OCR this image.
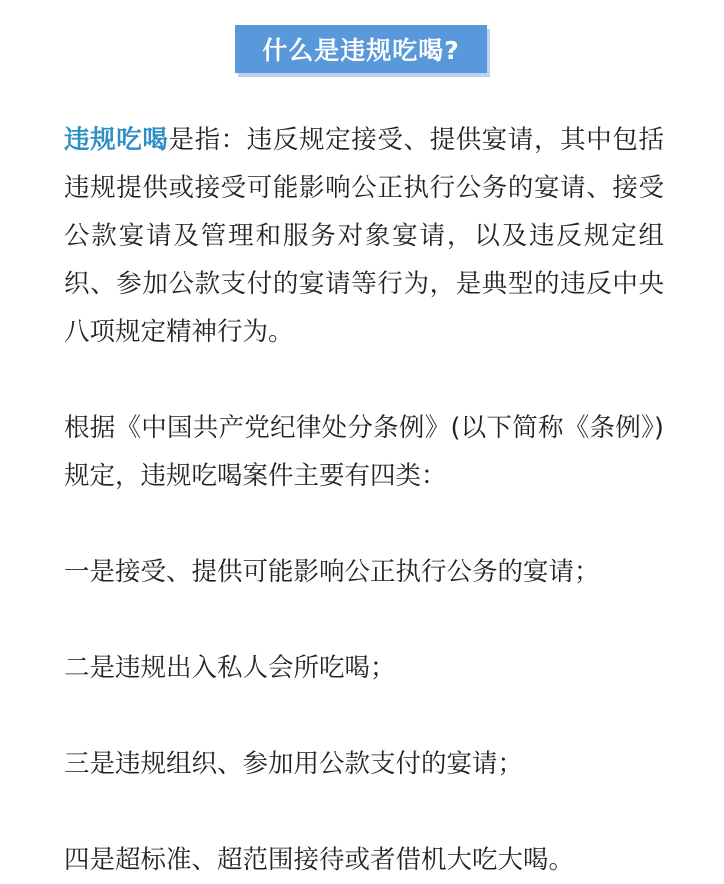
什么是违规吃喝?

违规吃喝是指：违反规定接受、提供宴请，其中包括违规提供或接受可能影响公正执行公务的宴请、接受公款宴请及管理和服务对象宴请，以及违反规定组织、参加公款支付的宴请等行为，是典型的违反中央八项规定精神行为。

根据《中国共产党纪律处分条例》(以下简称《条例》)规定，违规吃喝案件主要有四类：

一是接受、提供可能影响公正执行公务的宴请；

二是违规出入私人会所吃喝；

三是违规组织、参加用公款支付的宴请；

四是超标准、超范围接待或者借机大吃大喝。
